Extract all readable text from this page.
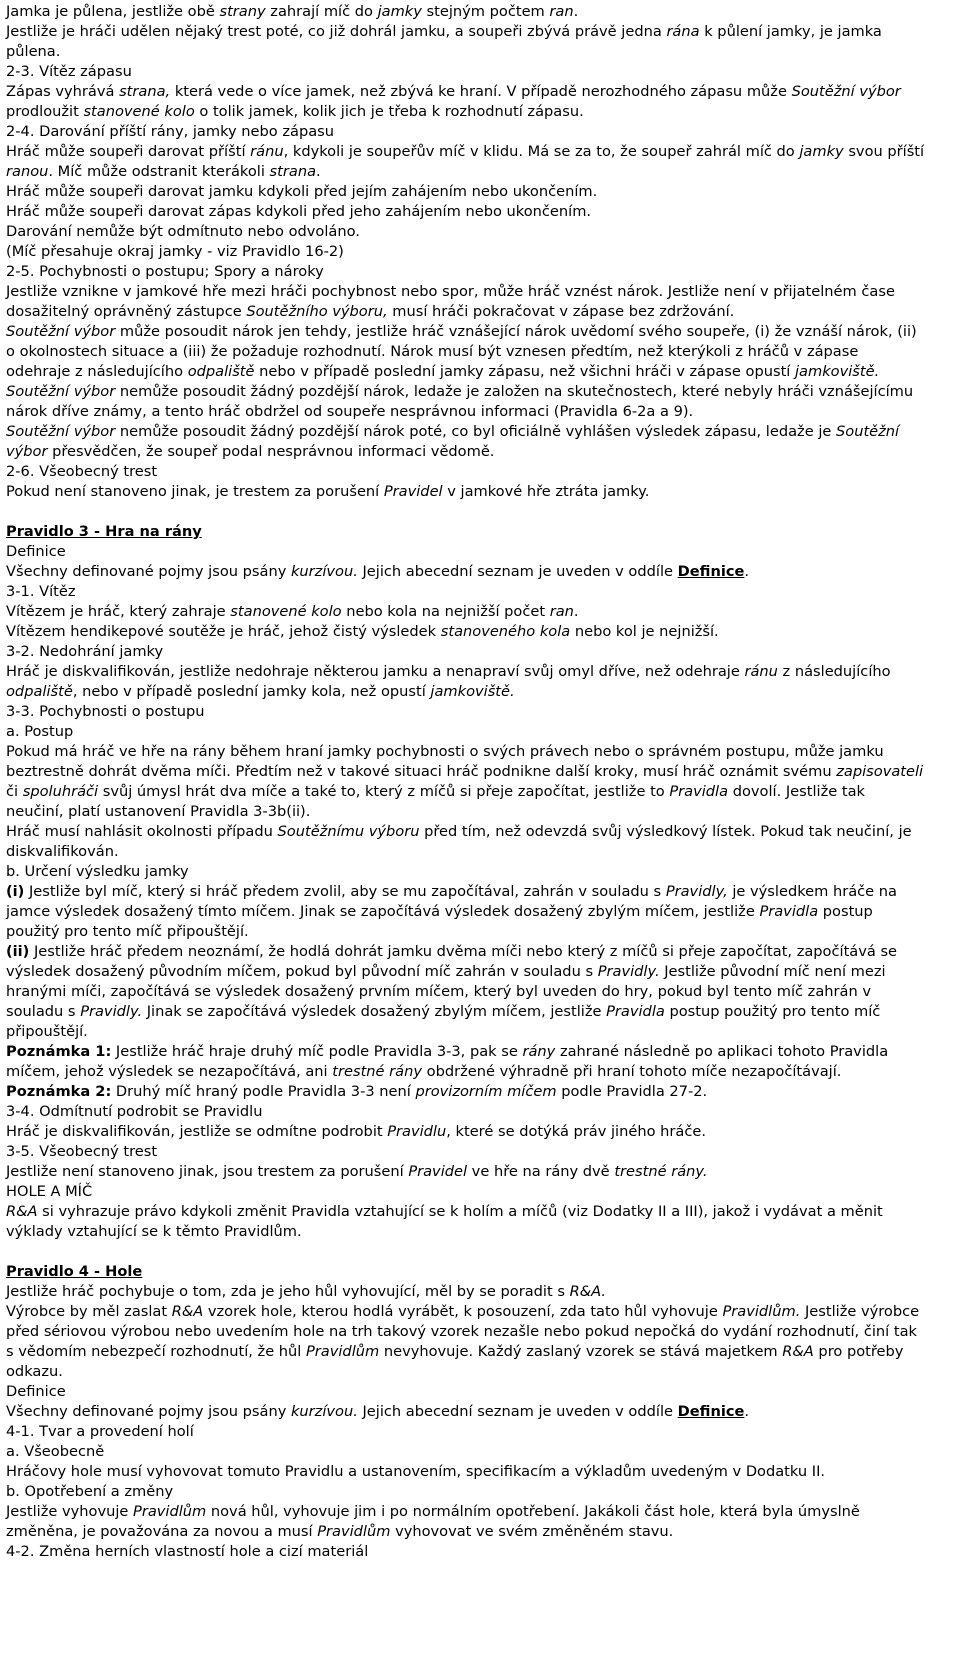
Jamka je půlena, jestliže obě strany zahrají míč do jamky stejným počtem ran.
Jestliže je hráči udělen nějaký trest poté, co již dohrál jamku, a soupeři zbývá právě jedna rána k půlení jamky, je jamka půlena.
2-3. Vítěz zápasu
Zápas vyhrává strana, která vede o více jamek, než zbývá ke hraní. V případě nerozhodného zápasu může Soutěžní výbor prodloužit stanovené kolo o tolik jamek, kolik jich je třeba k rozhodnutí zápasu.
2-4. Darování příští rány, jamky nebo zápasu
Hráč může soupeři darovat příští ránu, kdykoli je soupeřův míč v klidu. Má se za to, že soupeř zahrál míč do jamky svou příští ranou. Míč může odstranit kterákoli strana.
Hráč může soupeři darovat jamku kdykoli před jejím zahájením nebo ukončením.
Hráč může soupeři darovat zápas kdykoli před jeho zahájením nebo ukončením.
Darování nemůže být odmítnuto nebo odvoláno.
(Míč přesahuje okraj jamky - viz Pravidlo 16-2)
2-5. Pochybnosti o postupu; Spory a nároky
Jestliže vznikne v jamkové hře mezi hráči pochybnost nebo spor, může hráč vznést nárok. Jestliže není v přijatelném čase dosažitelný oprávněný zástupce Soutěžního výboru, musí hráči pokračovat v zápase bez zdržování.
Soutěžní výbor může posoudit nárok jen tehdy, jestliže hráč vznášející nárok uvědomí svého soupeře, (i) že vznáší nárok, (ii) o okolnostech situace a (iii) že požaduje rozhodnutí. Nárok musí být vznesen předtím, než kterýkoli z hráčů v zápase odehraje z následujícího odpaliště nebo v případě poslední jamky zápasu, než všichni hráči v zápase opustí jamkoviště.
Soutěžní výbor nemůže posoudit žádný pozdější nárok, ledaže je založen na skutečnostech, které nebyly hráči vznášejícímu nárok dříve známy, a tento hráč obdržel od soupeře nesprávnou informaci (Pravidla 6-2a a 9).
Soutěžní výbor nemůže posoudit žádný pozdější nárok poté, co byl oficiálně vyhlášen výsledek zápasu, ledaže je Soutěžní výbor přesvědčen, že soupeř podal nesprávnou informaci vědomě.
2-6. Všeobecný trest
Pokud není stanoveno jinak, je trestem za porušení Pravidel v jamkové hře ztráta jamky.
Pravidlo 3 - Hra na rány
Definice
Všechny definované pojmy jsou psány kurzívou. Jejich abecední seznam je uveden v oddíle Definice.
3-1. Vítěz
Vítězem je hráč, který zahraje stanovené kolo nebo kola na nejnižší počet ran.
Vítězem hendikepové soutěže je hráč, jehož čistý výsledek stanoveného kola nebo kol je nejnižší.
3-2. Nedohrání jamky
Hráč je diskvalifikován, jestliže nedohraje některou jamku a nenapraví svůj omyl dříve, než odehraje ránu z následujícího odpaliště, nebo v případě poslední jamky kola, než opustí jamkoviště.
3-3. Pochybnosti o postupu
a. Postup
Pokud má hráč ve hře na rány během hraní jamky pochybnosti o svých právech nebo o správném postupu, může jamku beztrestně dohrát dvěma míči. Předtím než v takové situaci hráč podnikne další kroky, musí hráč oznámit svému zapisovateli či spoluhráči svůj úmysl hrát dva míče a také to, který z míčů si přeje započítat, jestliže to Pravidla dovolí. Jestliže tak neučiní, platí ustanovení Pravidla 3-3b(ii).
Hráč musí nahlásit okolnosti případu Soutěžnímu výboru před tím, než odevzdá svůj výsledkový lístek. Pokud tak neučiní, je diskvalifikován.
b. Určení výsledku jamky
(i) Jestliže byl míč, který si hráč předem zvolil, aby se mu započítával, zahrán v souladu s Pravidly, je výsledkem hráče na jamce výsledek dosažený tímto míčem. Jinak se započítává výsledek dosažený zbylým míčem, jestliže Pravidla postup použitý pro tento míč připouštějí.
(ii) Jestliže hráč předem neoznámí, že hodlá dohrát jamku dvěma míči nebo který z míčů si přeje započítat, započítává se výsledek dosažený původním míčem, pokud byl původní míč zahrán v souladu s Pravidly. Jestliže původní míč není mezi hranými míči, započítává se výsledek dosažený prvním míčem, který byl uveden do hry, pokud byl tento míč zahrán v souladu s Pravidly. Jinak se započítává výsledek dosažený zbylým míčem, jestliže Pravidla postup použitý pro tento míč připouštějí.
Poznámka 1: Jestliže hráč hraje druhý míč podle Pravidla 3-3, pak se rány zahrané následně po aplikaci tohoto Pravidla míčem, jehož výsledek se nezapočítává, ani trestné rány obdržené výhradně při hraní tohoto míče nezapočítávají.
Poznámka 2: Druhý míč hraný podle Pravidla 3-3 není provizorním míčem podle Pravidla 27-2.
3-4. Odmítnutí podrobit se Pravidlu
Hráč je diskvalifikován, jestliže se odmítne podrobit Pravidlu, které se dotýká práv jiného hráče.
3-5. Všeobecný trest
Jestliže není stanoveno jinak, jsou trestem za porušení Pravidel ve hře na rány dvě trestné rány.
HOLE A MÍČ
R&A si vyhrazuje právo kdykoli změnit Pravidla vztahující se k holím a míčů (viz Dodatky II a III), jakož i vydávat a měnit výklady vztahující se k těmto Pravidlům.
Pravidlo 4 - Hole
Jestliže hráč pochybuje o tom, zda je jeho hůl vyhovující, měl by se poradit s R&A.
Výrobce by měl zaslat R&A vzorek hole, kterou hodlá vyrábět, k posouzení, zda tato hůl vyhovuje Pravidlům. Jestliže výrobce před sériovou výrobou nebo uvedením hole na trh takový vzorek nezašle nebo pokud nepočká do vydání rozhodnutí, činí tak s vědomím nebezpečí rozhodnutí, že hůl Pravidlům nevyhovuje. Každý zaslaný vzorek se stává majetkem R&A pro potřeby odkazu.
Definice
Všechny definované pojmy jsou psány kurzívou. Jejich abecední seznam je uveden v oddíle Definice.
4-1. Tvar a provedení holí
a. Všeobecně
Hráčovy hole musí vyhovovat tomuto Pravidlu a ustanovením, specifikacím a výkladům uvedeným v Dodatku II.
b. Opotřebení a změny
Jestliže vyhovuje Pravidlům nová hůl, vyhovuje jim i po normálním opotřebení. Jakákoli část hole, která byla úmyslně změněna, je považována za novou a musí Pravidlům vyhovovat ve svém změněném stavu.
4-2. Změna herních vlastností hole a cizí materiál
